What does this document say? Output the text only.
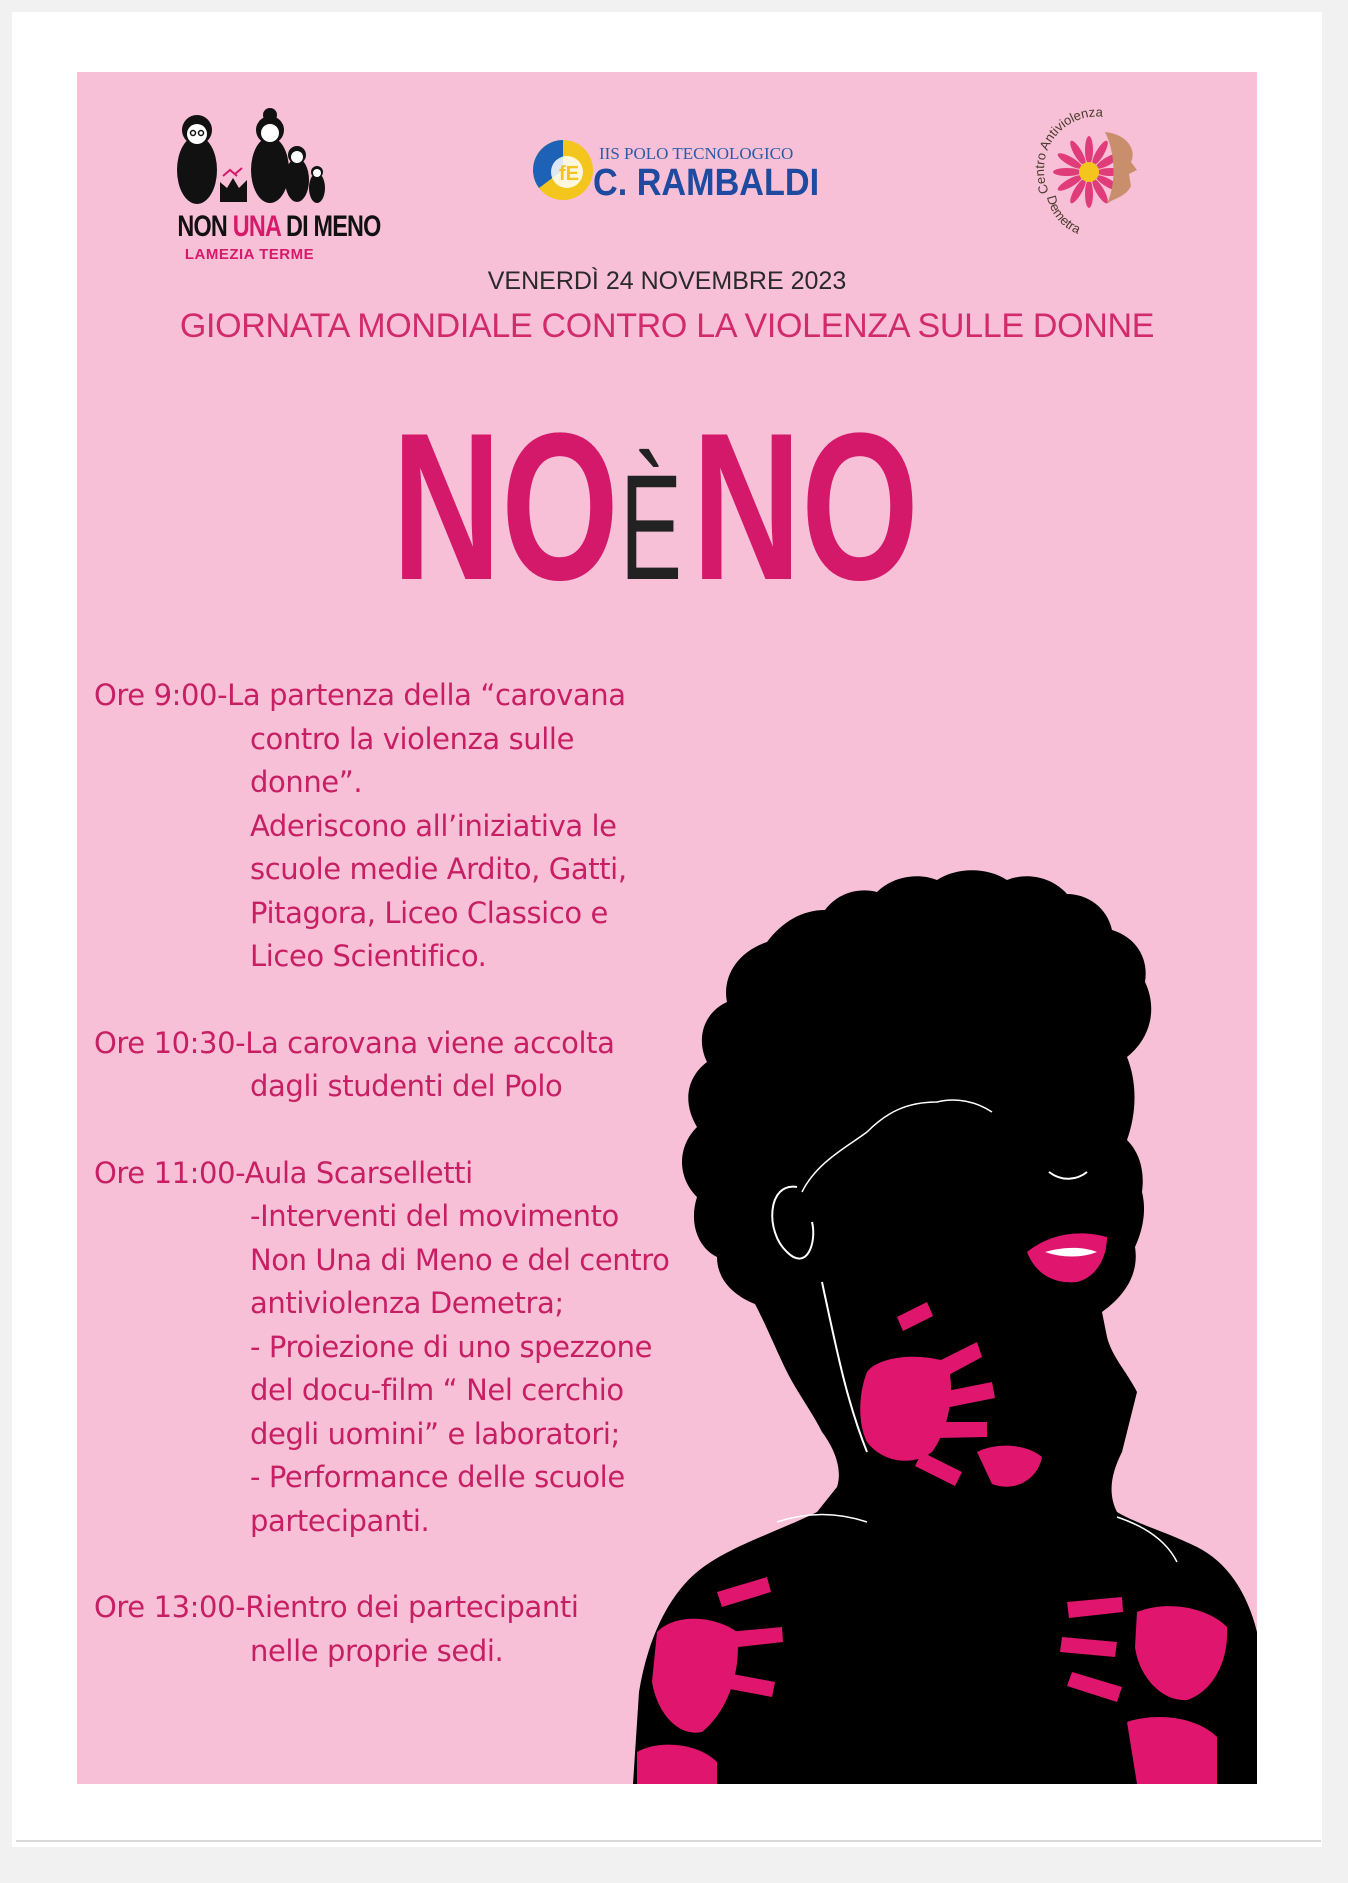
NON UNA DI MENO
LAMEZIA TERME
fE
IIS POLO TECNOLOGICO
C. RAMBALDI	Centro Antiviolenza
Demetra
VENERDÌ 24 NOVEMBRE 2023
GIORNATA MONDIALE CONTRO LA VIOLENZA SULLE DONNE
NO È NO
Ore 9:00-La partenza della “carovana
contro la violenza sulle
donne”.
Aderiscono all’iniziativa le
scuole medie Ardito, Gatti,
Pitagora, Liceo Classico e
Liceo Scientifico.
Ore 10:30-La carovana viene accolta
dagli studenti del Polo
Ore 11:00-Aula Scarselletti
-Interventi del movimento
Non Una di Meno e del centro
antiviolenza Demetra;
- Proiezione di uno spezzone
del docu-film “ Nel cerchio
degli uomini” e laboratori;
- Performance delle scuole
partecipanti.
Ore 13:00-Rientro dei partecipanti
nelle proprie sedi.
